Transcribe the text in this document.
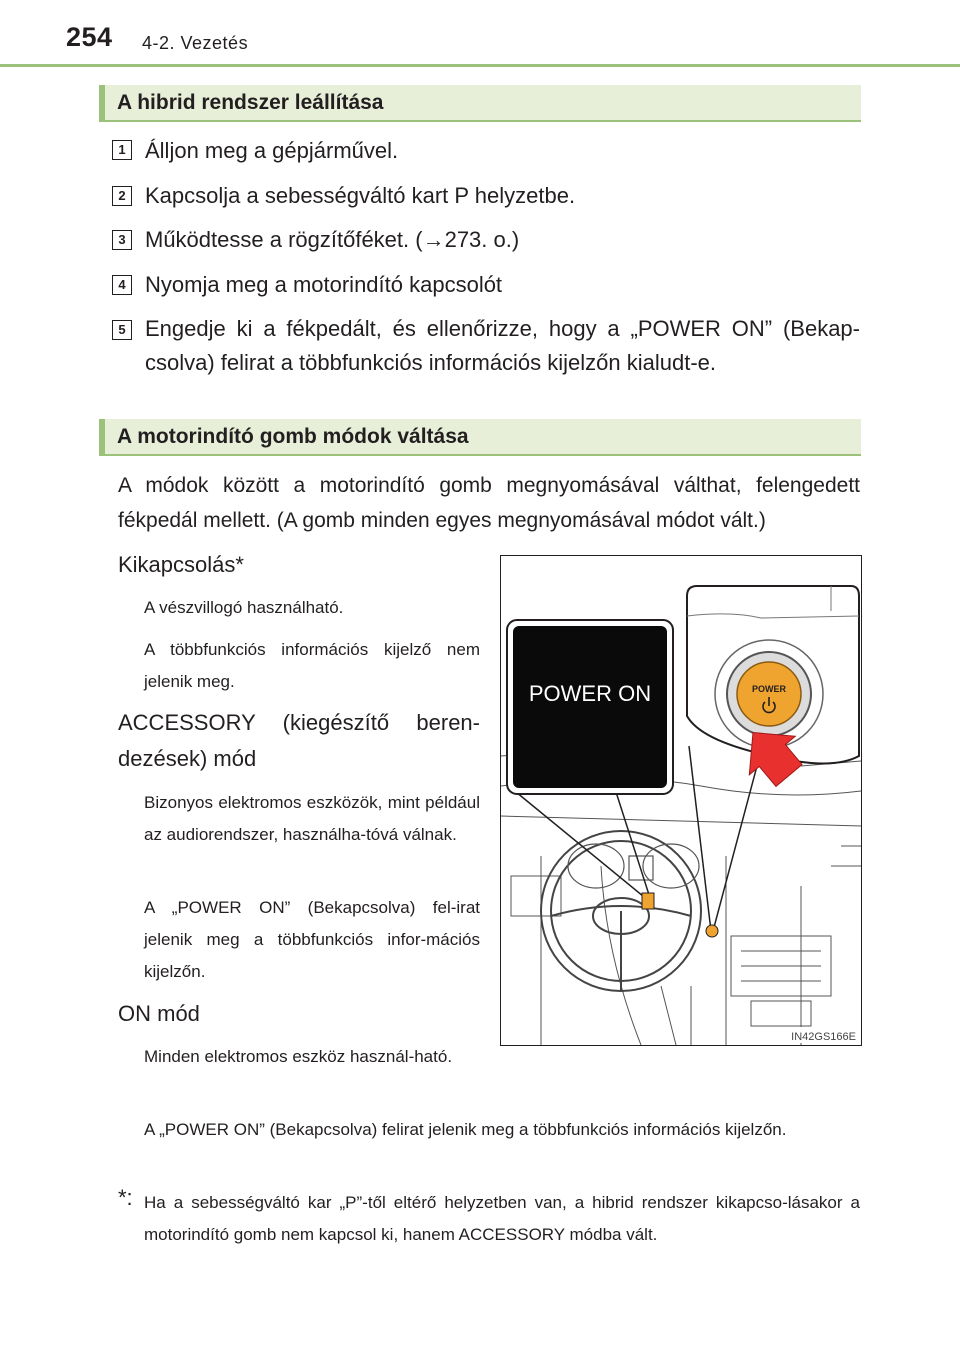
254 4-2. Vezetés
A hibrid rendszer leállítása
1 Álljon meg a gépjárművel.
2 Kapcsolja a sebességváltó kart P helyzetbe.
3 Működtesse a rögzítőféket. (→273. o.)
4 Nyomja meg a motorindító kapcsolót
5 Engedje ki a fékpedált, és ellenőrizze, hogy a „POWER ON” (Bekap-csolva) felirat a többfunkciós információs kijelzőn kialudt-e.
A motorindító gomb módok váltása
A módok között a motorindító gomb megnyomásával válthat, felengedett fékpedál mellett. (A gomb minden egyes megnyomásával módot vált.)
Kikapcsolás*
A vészvillogó használható.
A többfunkciós információs kijelző nem jelenik meg.
ACCESSORY (kiegészítő beren-dezések) mód
Bizonyos elektromos eszközök, mint például az audiorendszer, használha-tóvá válnak.
A „POWER ON” (Bekapcsolva) fel-irat jelenik meg a többfunkciós infor-mációs kijelzőn.
ON mód
Minden elektromos eszköz használ-ható.
A „POWER ON” (Bekapcsolva) felirat jelenik meg a többfunkciós információs kijelzőn.
*: Ha a sebességváltó kar „P”-től eltérő helyzetben van, a hibrid rendszer kikapcso-lásakor a motorindító gomb nem kapcsol ki, hanem ACCESSORY módba vált.
POWER ON	POWER
IN42GS166E
